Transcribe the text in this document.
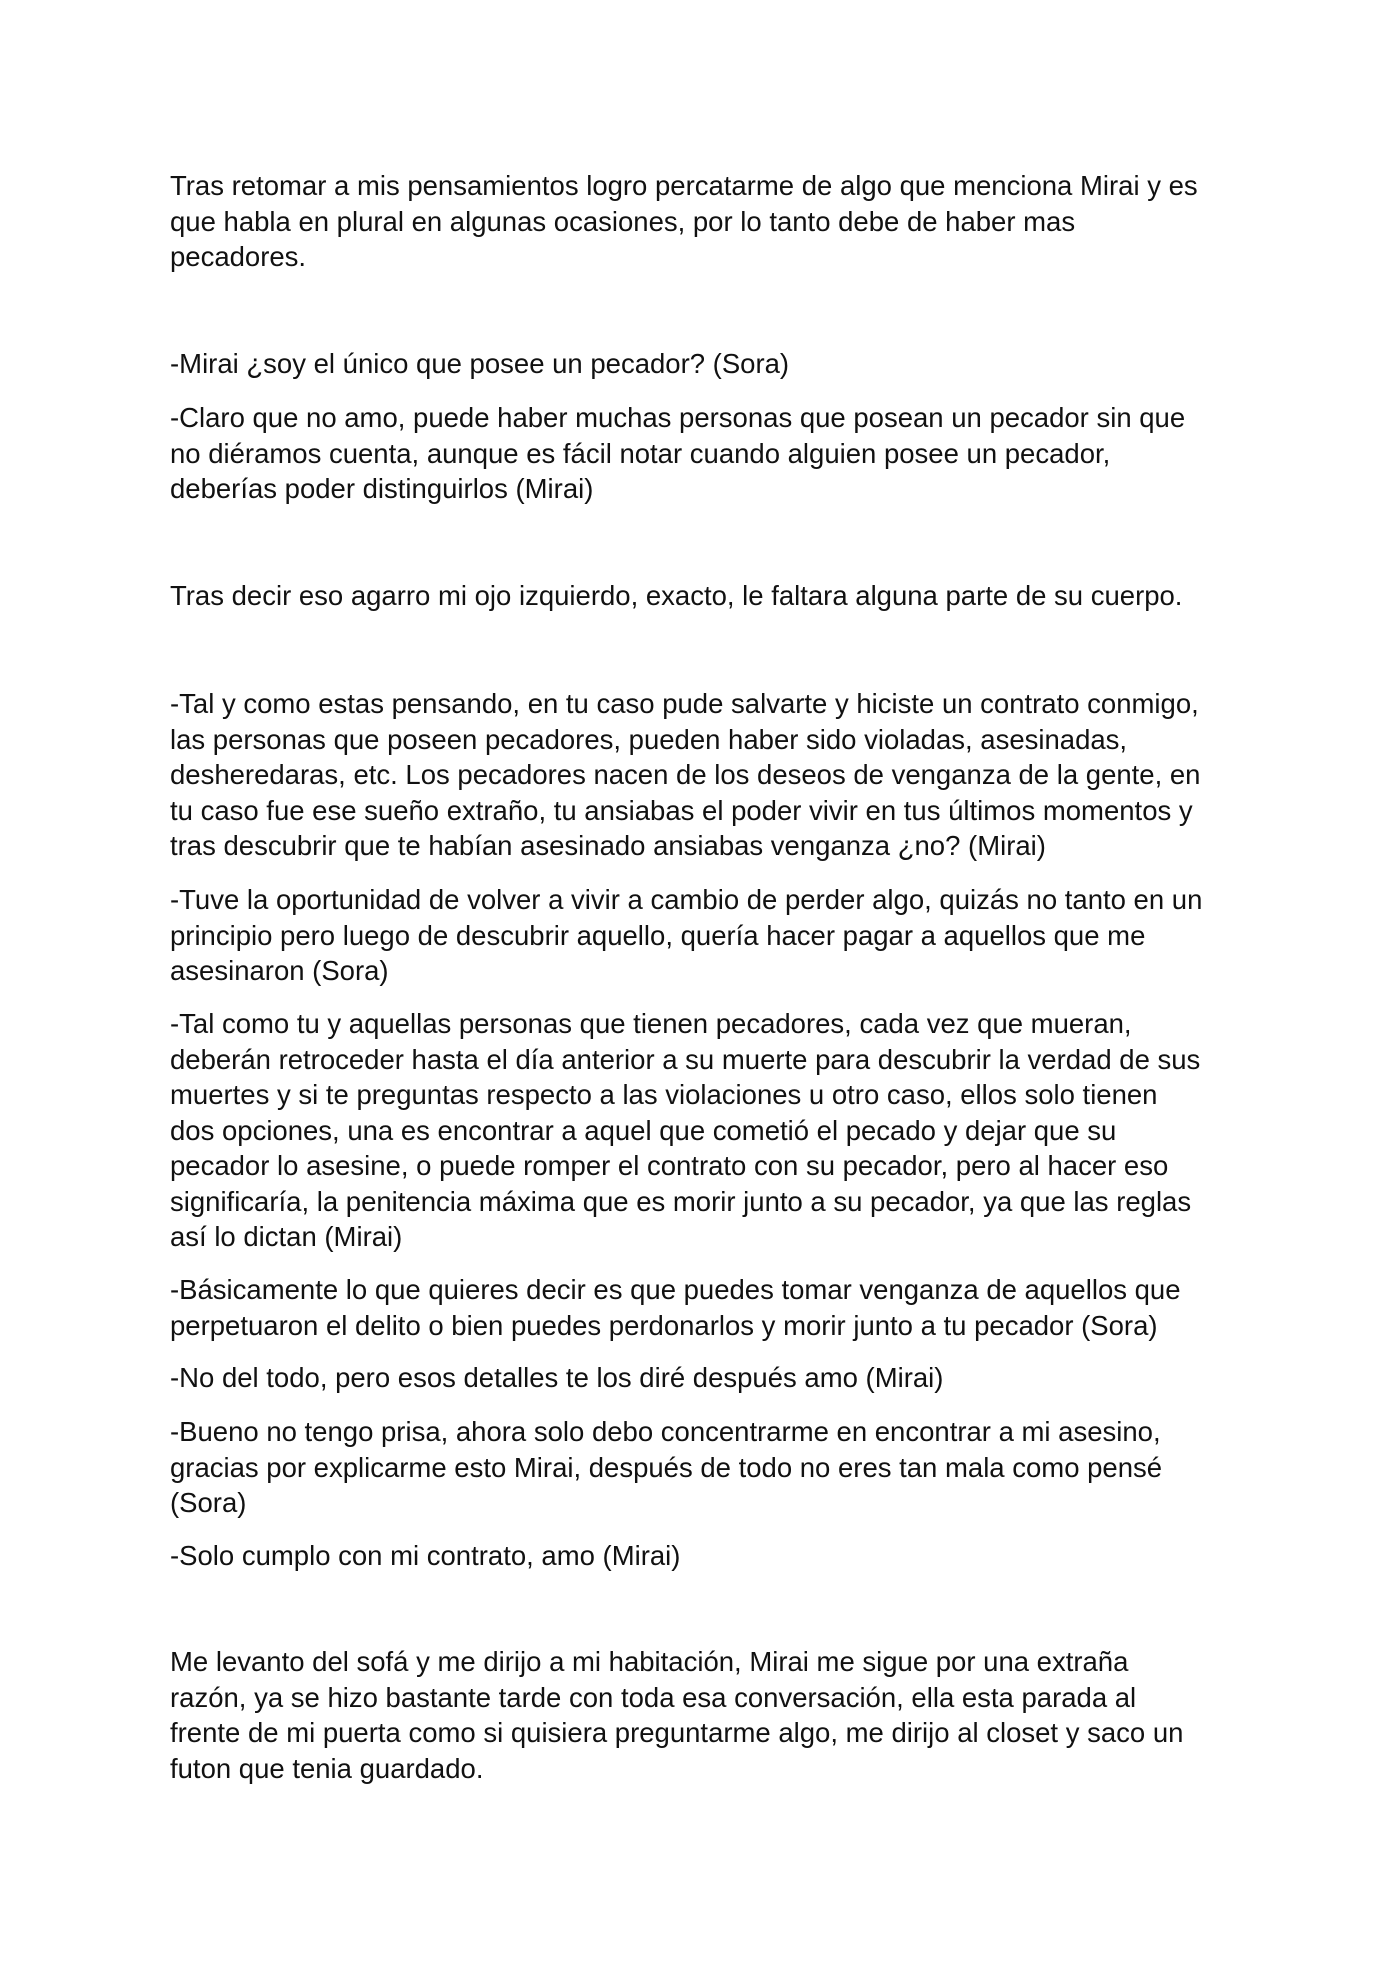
Tras retomar a mis pensamientos logro percatarme de algo que menciona Mirai y es
que habla en plural en algunas ocasiones, por lo tanto debe de haber mas
pecadores.

-Mirai ¿soy el único que posee un pecador? (Sora)

-Claro que no amo, puede haber muchas personas que posean un pecador sin que
no diéramos cuenta, aunque es fácil notar cuando alguien posee un pecador,
deberías poder distinguirlos (Mirai)

Tras decir eso agarro mi ojo izquierdo, exacto, le faltara alguna parte de su cuerpo.

-Tal y como estas pensando, en tu caso pude salvarte y hiciste un contrato conmigo,
las personas que poseen pecadores, pueden haber sido violadas, asesinadas,
desheredaras, etc. Los pecadores nacen de los deseos de venganza de la gente, en
tu caso fue ese sueño extraño, tu ansiabas el poder vivir en tus últimos momentos y
tras descubrir que te habían asesinado ansiabas venganza ¿no? (Mirai)

-Tuve la oportunidad de volver a vivir a cambio de perder algo, quizás no tanto en un
principio pero luego de descubrir aquello, quería hacer pagar a aquellos que me
asesinaron (Sora)

-Tal como tu y aquellas personas que tienen pecadores, cada vez que mueran,
deberán retroceder hasta el día anterior a su muerte para descubrir la verdad de sus
muertes y si te preguntas respecto a las violaciones u otro caso, ellos solo tienen
dos opciones, una es encontrar a aquel que cometió el pecado y dejar que su
pecador lo asesine, o puede romper el contrato con su pecador, pero al hacer eso
significaría, la penitencia máxima que es morir junto a su pecador, ya que las reglas
así lo dictan (Mirai)

-Básicamente lo que quieres decir es que puedes tomar venganza de aquellos que
perpetuaron el delito o bien puedes perdonarlos y morir junto a tu pecador (Sora)

-No del todo, pero esos detalles te los diré después amo (Mirai)

-Bueno no tengo prisa, ahora solo debo concentrarme en encontrar a mi asesino,
gracias por explicarme esto Mirai, después de todo no eres tan mala como pensé
(Sora)

-Solo cumplo con mi contrato, amo (Mirai)

Me levanto del sofá y me dirijo a mi habitación, Mirai me sigue por una extraña
razón, ya se hizo bastante tarde con toda esa conversación, ella esta parada al
frente de mi puerta como si quisiera preguntarme algo, me dirijo al closet y saco un
futon que tenia guardado.
